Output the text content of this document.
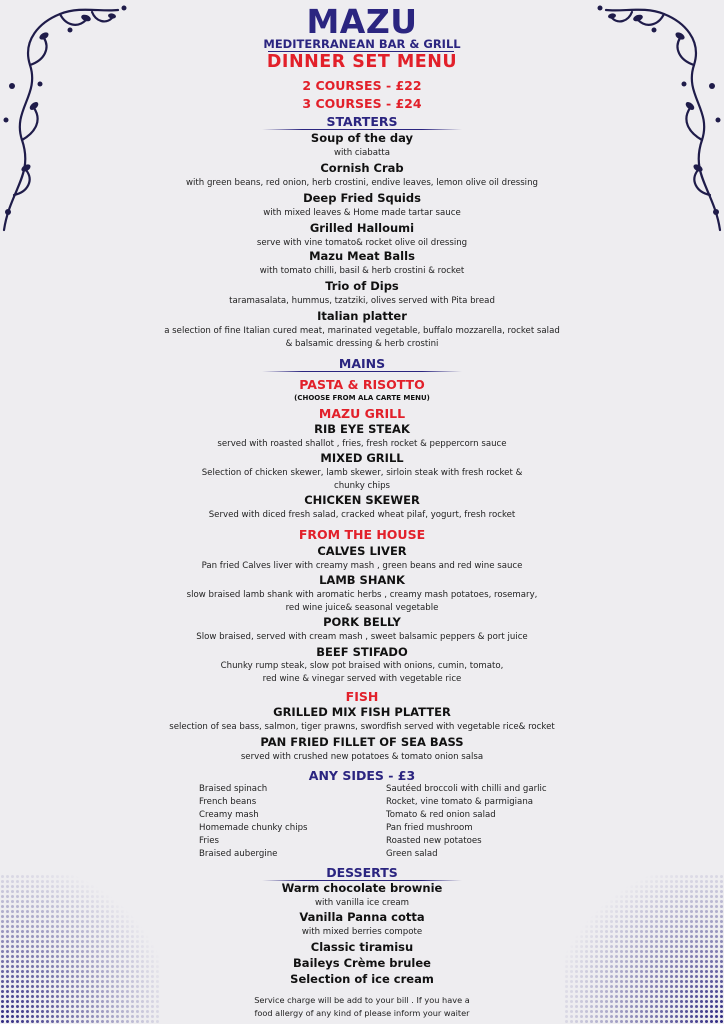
MAZU
MEDITERRANEAN BAR & GRILL
DINNER SET MENU
2 COURSES - £22
3 COURSES - £24
STARTERS
Soup of the day
with ciabatta
Cornish Crab
with green beans, red onion, herb crostini, endive leaves, lemon olive oil dressing
Deep Fried Squids
with mixed leaves & Home made tartar sauce
Grilled Halloumi
serve with vine tomato& rocket olive oil dressing
Mazu Meat Balls
with tomato chilli, basil & herb crostini & rocket
Trio of Dips
taramasalata, hummus, tzatziki, olives served with Pita bread
Italian platter
a selection of fine Italian cured meat, marinated vegetable, buffalo mozzarella, rocket salad
& balsamic dressing & herb crostini
MAINS
PASTA & RISOTTO
(CHOOSE FROM ALA CARTE MENU)
MAZU GRILL
RIB EYE STEAK
served with roasted shallot , fries, fresh rocket & peppercorn sauce
MIXED GRILL
Selection of chicken skewer, lamb skewer, sirloin steak with fresh rocket &
chunky chips
CHICKEN SKEWER
Served with diced fresh salad, cracked wheat pilaf, yogurt, fresh rocket
FROM THE HOUSE
CALVES LIVER
Pan fried Calves liver with creamy mash , green beans and red wine sauce
LAMB SHANK
slow braised lamb shank with aromatic herbs , creamy mash potatoes, rosemary,
red wine juice& seasonal vegetable
PORK BELLY
Slow braised, served with cream mash , sweet balsamic peppers & port juice
BEEF STIFADO
Chunky rump steak, slow pot braised with onions, cumin, tomato,
red wine & vinegar served with vegetable rice
FISH
GRILLED MIX FISH PLATTER
selection of sea bass, salmon, tiger prawns, swordfish served with vegetable rice& rocket
PAN FRIED FILLET OF SEA BASS
served with crushed new potatoes & tomato onion salsa
ANY SIDES - £3
Braised spinach
French beans
Creamy mash
Homemade chunky chips
Fries
Braised aubergine
Sautéed broccoli with chilli and garlic
Rocket, vine tomato & parmigiana
Tomato & red onion salad
Pan fried mushroom
Roasted new potatoes
Green salad
DESSERTS
Warm chocolate brownie
with vanilla ice cream
Vanilla Panna cotta
with mixed berries compote
Classic tiramisu
Baileys Crème brulee
Selection of ice cream
Service charge will be add to your bill . If you have a
food allergy of any kind of please inform your waiter
